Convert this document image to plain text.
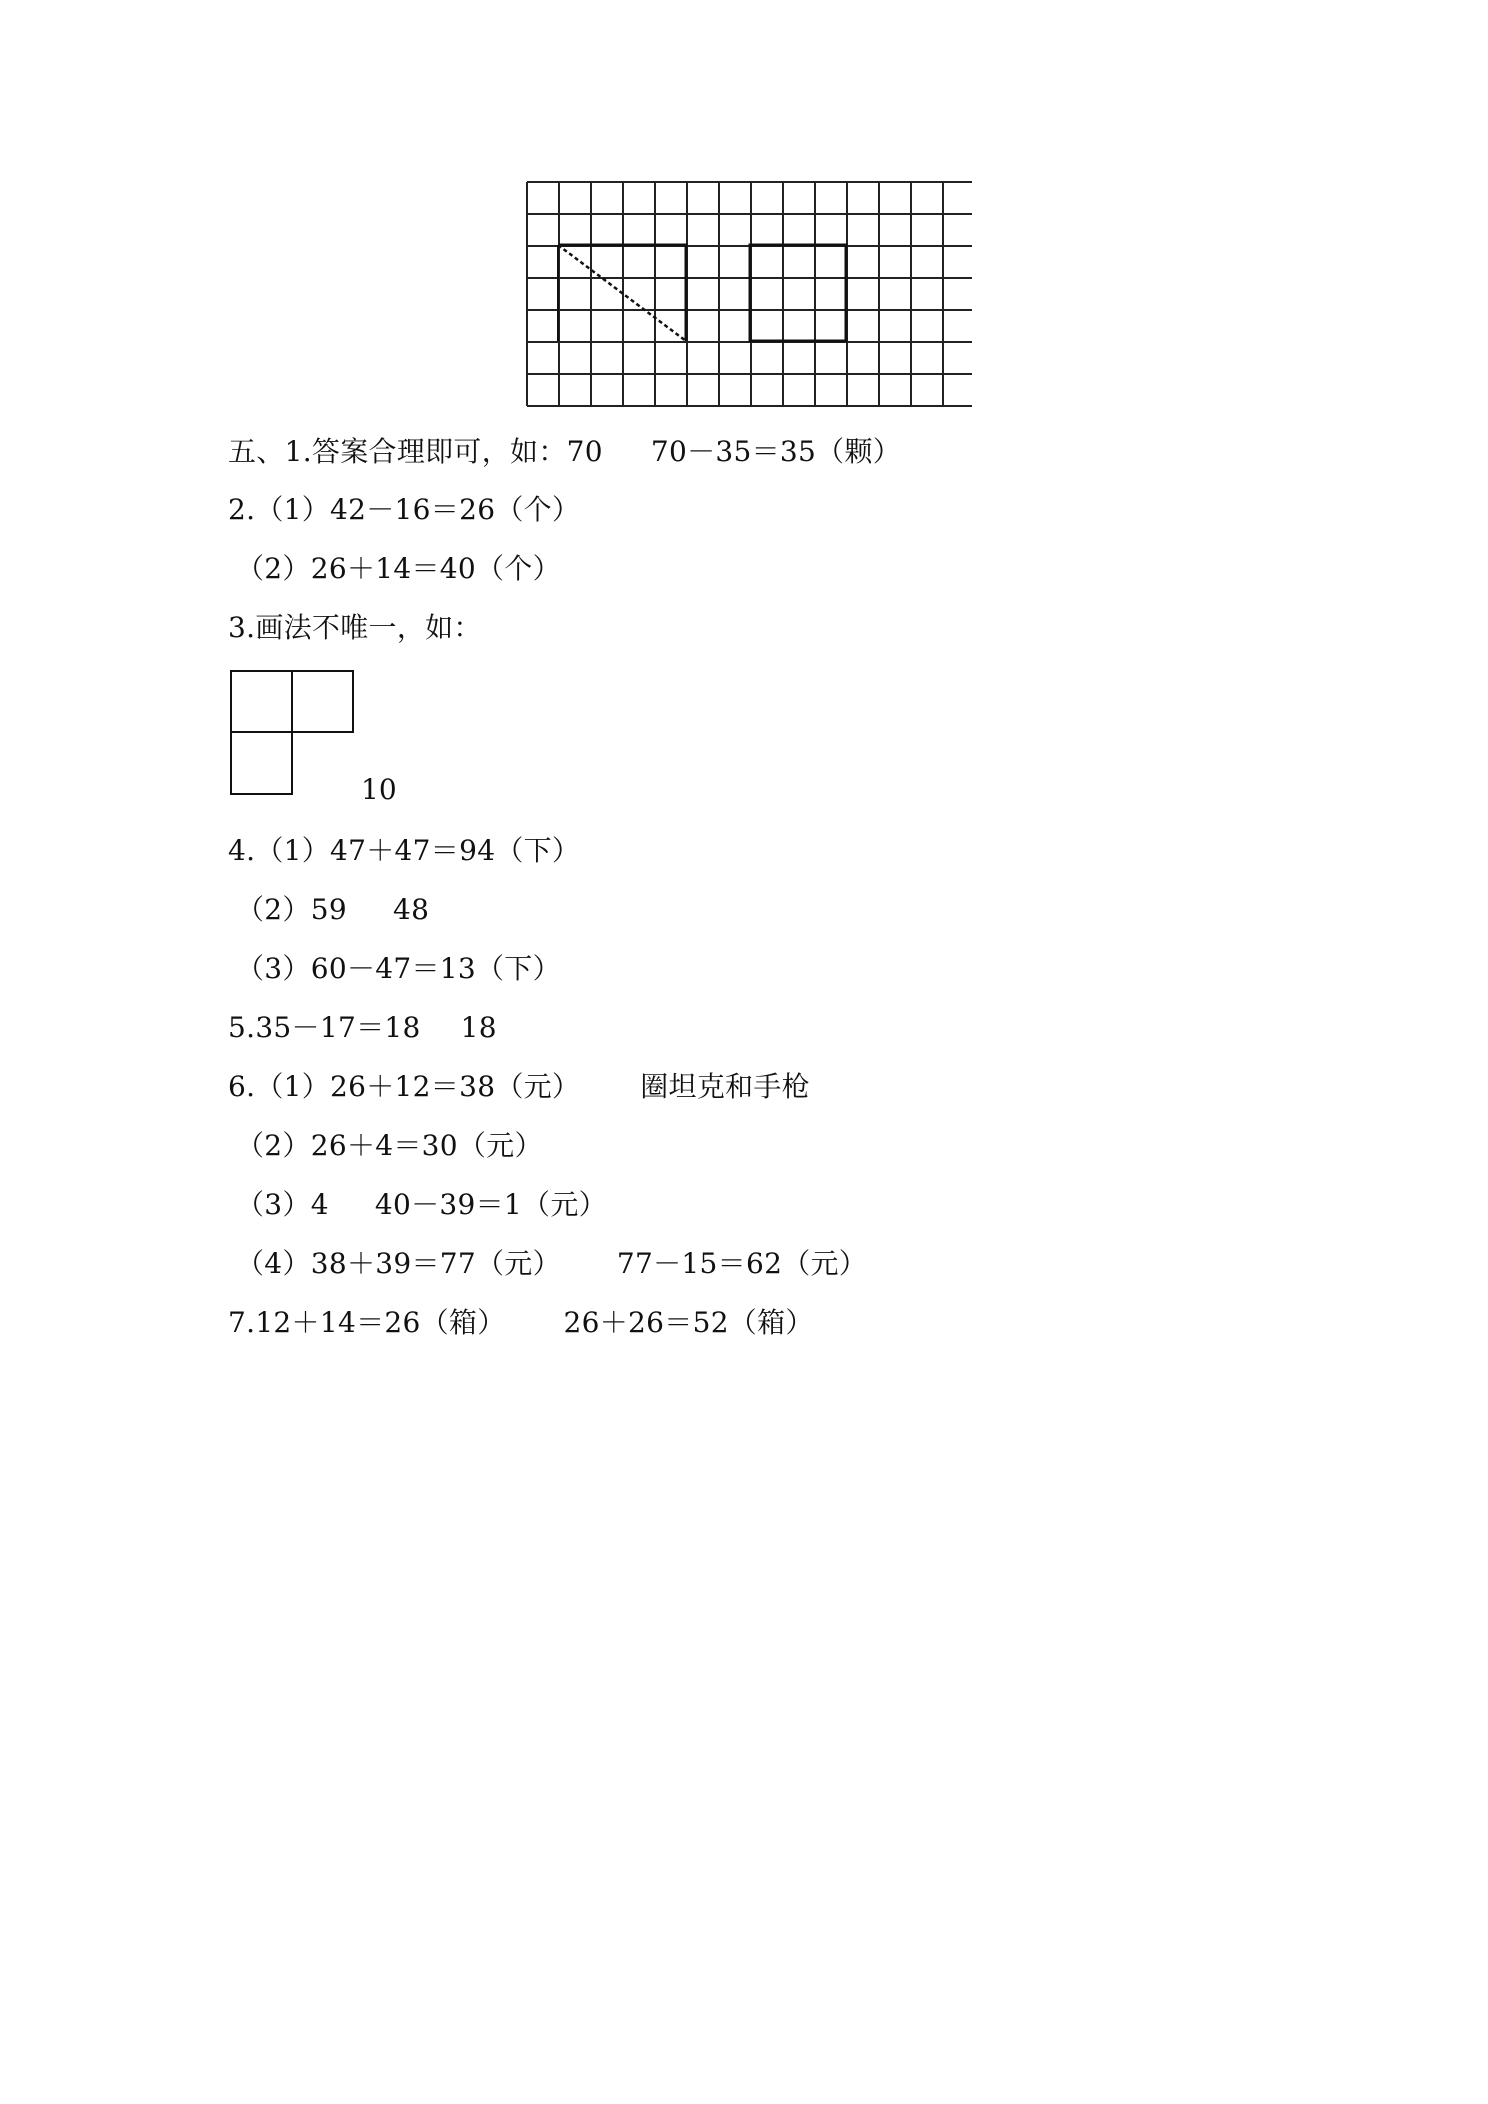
五、1.答案合理即可，如：70 70－35＝35（颗）
2.（1）42－16＝26（个）
（2）26＋14＝40（个）
3.画法不唯一，如：
10
4.（1）47＋47＝94（下）
（2）59 48
（3）60－47＝13（下）
5.35－17＝18 18
6.（1）26＋12＝38（元） 圈坦克和手枪
（2）26＋4＝30（元）
（3）4 40－39＝1（元）
（4）38＋39＝77（元） 77－15＝62（元）
7.12＋14＝26（箱） 26＋26＝52（箱）
